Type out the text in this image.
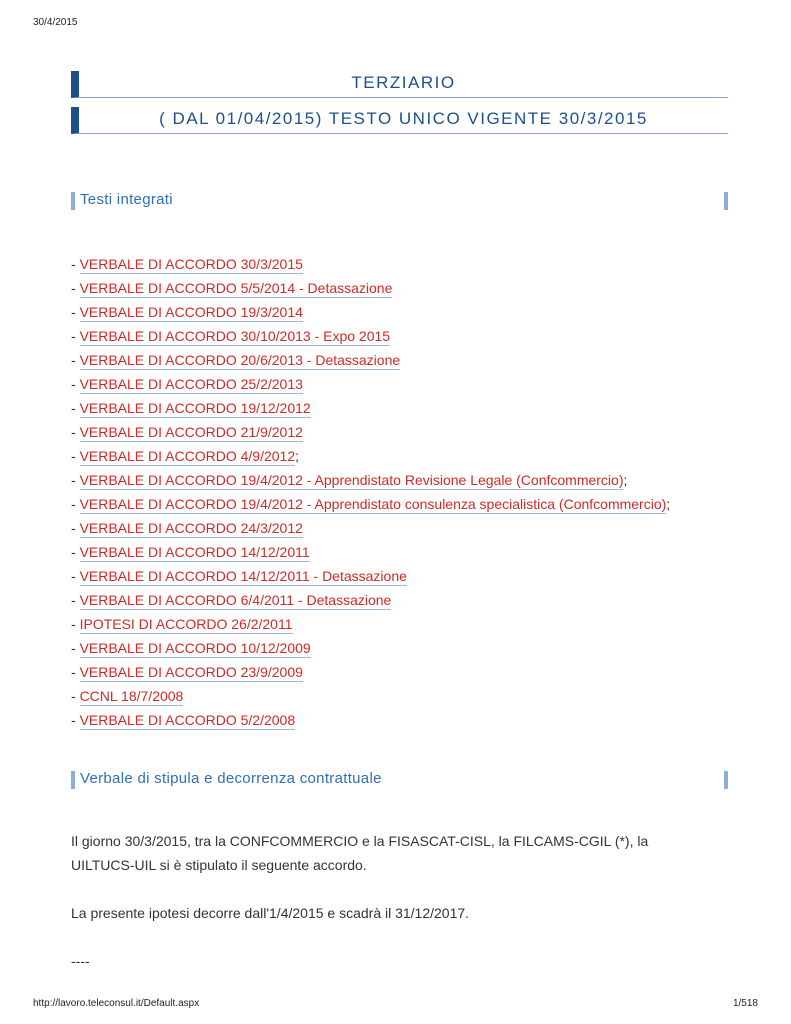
30/4/2015
TERZIARIO
( DAL 01/04/2015) TESTO UNICO VIGENTE 30/3/2015
Testi integrati
- VERBALE DI ACCORDO 30/3/2015
- VERBALE DI ACCORDO 5/5/2014 - Detassazione
- VERBALE DI ACCORDO 19/3/2014
- VERBALE DI ACCORDO 30/10/2013 - Expo 2015
- VERBALE DI ACCORDO 20/6/2013 - Detassazione
- VERBALE DI ACCORDO 25/2/2013
- VERBALE DI ACCORDO 19/12/2012
- VERBALE DI ACCORDO 21/9/2012
- VERBALE DI ACCORDO 4/9/2012;
- VERBALE DI ACCORDO 19/4/2012 - Apprendistato Revisione Legale (Confcommercio);
- VERBALE DI ACCORDO 19/4/2012 - Apprendistato consulenza specialistica (Confcommercio);
- VERBALE DI ACCORDO 24/3/2012
- VERBALE DI ACCORDO 14/12/2011
- VERBALE DI ACCORDO 14/12/2011 - Detassazione
- VERBALE DI ACCORDO 6/4/2011 - Detassazione
- IPOTESI DI ACCORDO 26/2/2011
- VERBALE DI ACCORDO 10/12/2009
- VERBALE DI ACCORDO 23/9/2009
- CCNL 18/7/2008
- VERBALE DI ACCORDO 5/2/2008
Verbale di stipula e decorrenza contrattuale

Il giorno 30/3/2015, tra la CONFCOMMERCIO e la FISASCAT-CISL, la FILCAMS-CGIL (*), la UILTUCS-UIL si è stipulato il seguente accordo.

La presente ipotesi decorre dall'1/4/2015 e scadrà il 31/12/2017.

----

http://lavoro.teleconsul.it/Default.aspx	1/518
